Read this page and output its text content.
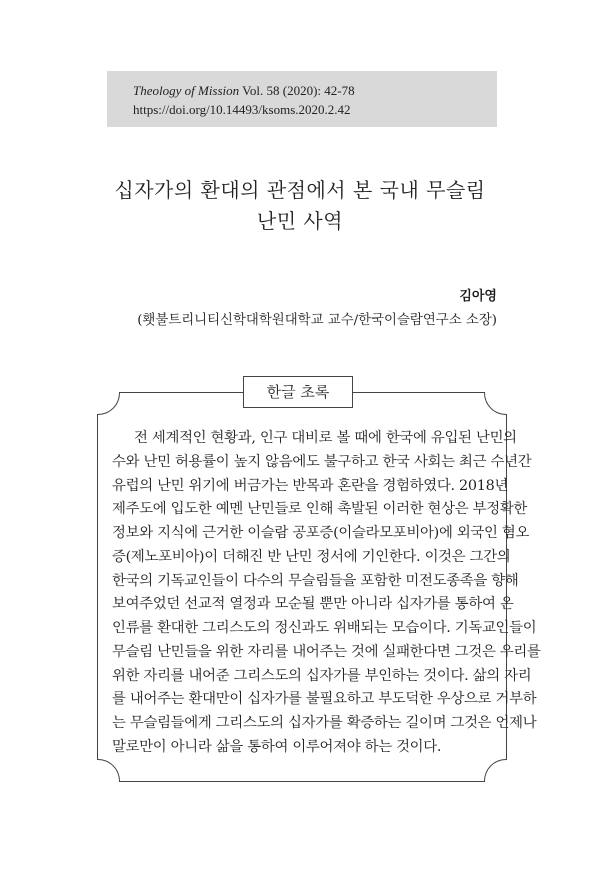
Theology of Mission Vol. 58 (2020): 42-78
https://doi.org/10.14493/ksoms.2020.2.42
십자가의 환대의 관점에서 본 국내 무슬림
난민 사역
김아영
(횃불트리니티신학대학원대학교 교수/한국이슬람연구소 소장)
한글 초록
전 세계적인 현황과, 인구 대비로 볼 때에 한국에 유입된 난민의
수와 난민 허용률이 높지 않음에도 불구하고 한국 사회는 최근 수년간
유럽의 난민 위기에 버금가는 반목과 혼란을 경험하였다. 2018년
제주도에 입도한 예멘 난민들로 인해 촉발된 이러한 현상은 부정확한
정보와 지식에 근거한 이슬람 공포증(이슬라모포비아)에 외국인 혐오
증(제노포비아)이 더해진 반 난민 정서에 기인한다. 이것은 그간의
한국의 기독교인들이 다수의 무슬림들을 포함한 미전도종족을 향해
보여주었던 선교적 열정과 모순될 뿐만 아니라 십자가를 통하여 온
인류를 환대한 그리스도의 정신과도 위배되는 모습이다. 기독교인들이
무슬림 난민들을 위한 자리를 내어주는 것에 실패한다면 그것은 우리를
위한 자리를 내어준 그리스도의 십자가를 부인하는 것이다. 삶의 자리
를 내어주는 환대만이 십자가를 불필요하고 부도덕한 우상으로 거부하
는 무슬림들에게 그리스도의 십자가를 확증하는 길이며 그것은 언제나
말로만이 아니라 삶을 통하여 이루어져야 하는 것이다.
